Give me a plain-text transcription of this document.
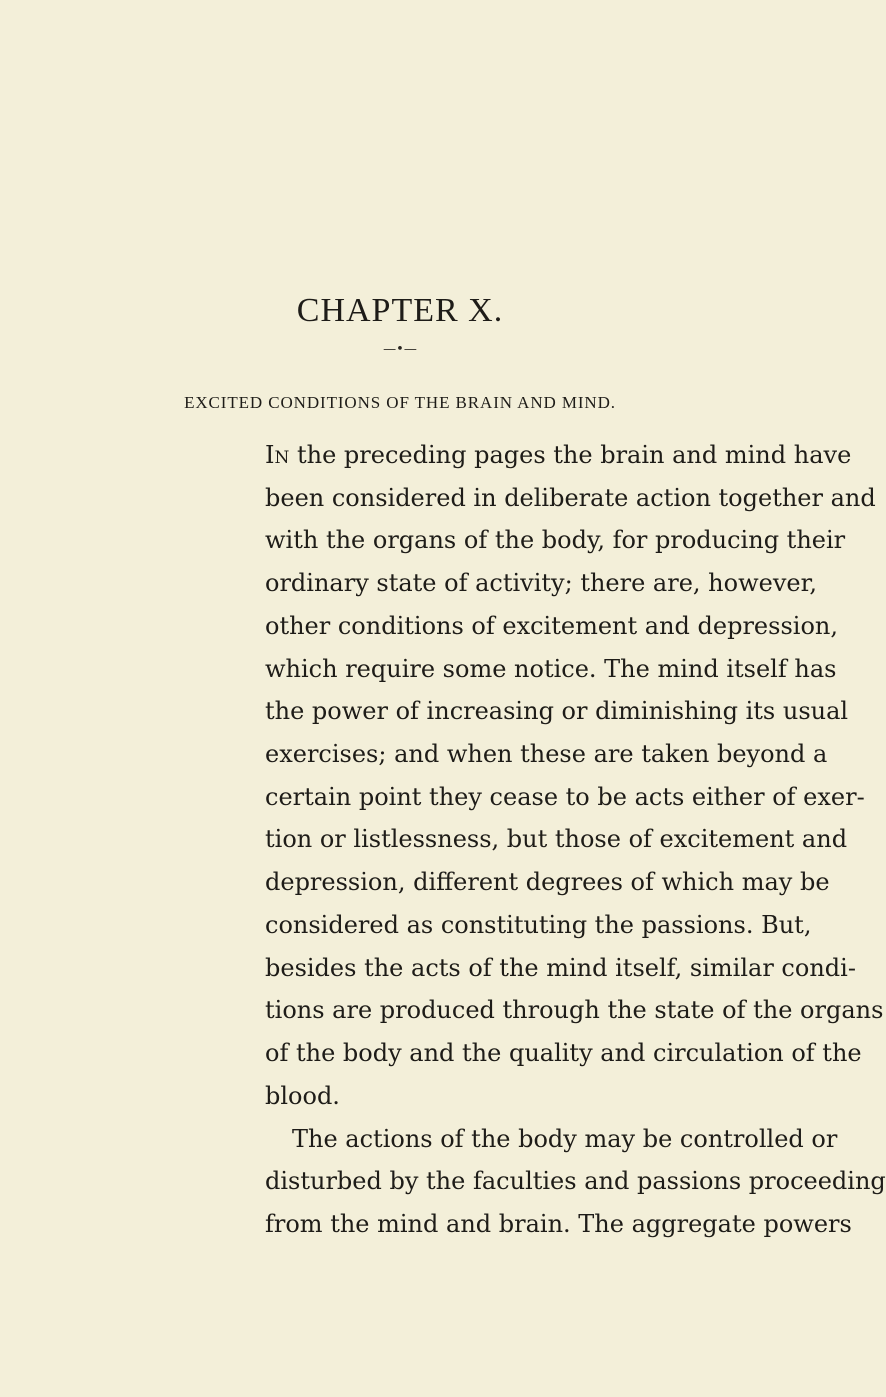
CHAPTER X.
—•—
EXCITED CONDITIONS OF THE BRAIN AND MIND.
In the preceding pages the brain and mind have
been considered in deliberate action together and
with the organs of the body, for producing their
ordinary state of activity; there are, however,
other conditions of excitement and depression,
which require some notice. The mind itself has
the power of increasing or diminishing its usual
exercises; and when these are taken beyond a
certain point they cease to be acts either of exer-
tion or listlessness, but those of excitement and
depression, different degrees of which may be
considered as constituting the passions. But,
besides the acts of the mind itself, similar condi-
tions are produced through the state of the organs
of the body and the quality and circulation of the
blood.
The actions of the body may be controlled or
disturbed by the faculties and passions proceeding
from the mind and brain. The aggregate powers
